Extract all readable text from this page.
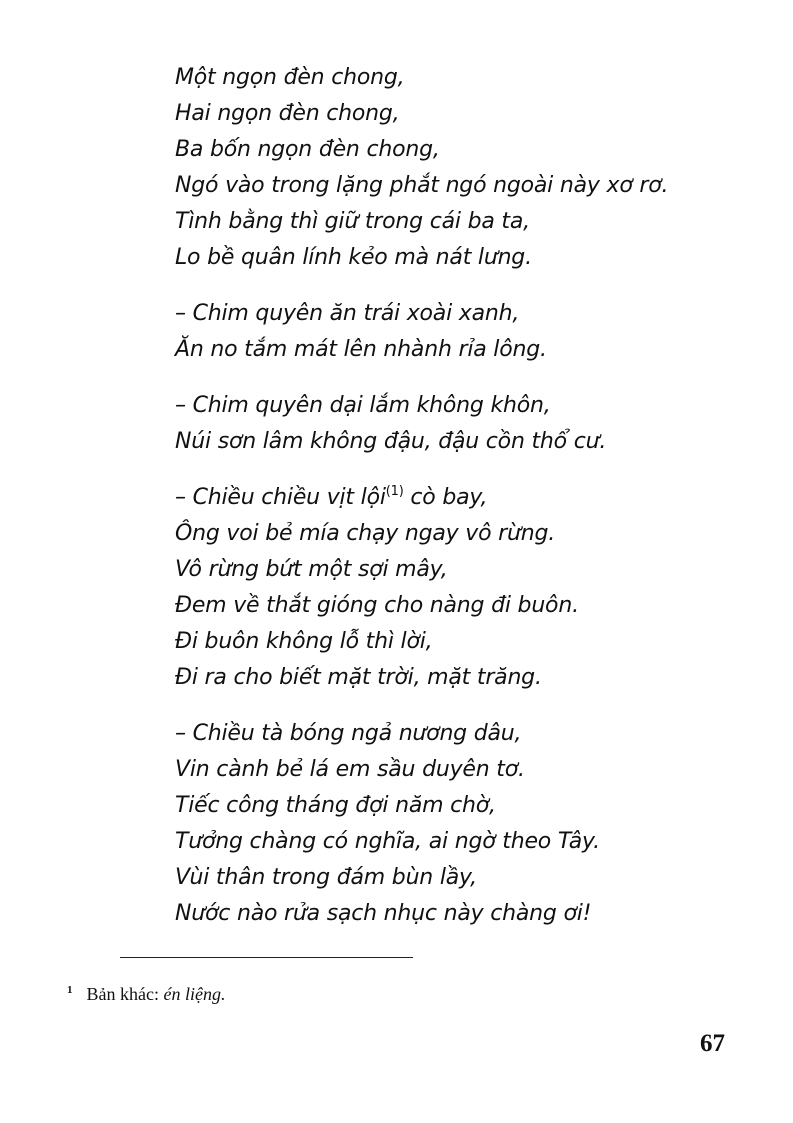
Một ngọn đèn chong,
Hai ngọn đèn chong,
Ba bốn ngọn đèn chong,
Ngó vào trong lặng phắt ngó ngoài này xơ rơ.
Tình bằng thì giữ trong cái ba ta,
Lo bề quân lính kẻo mà nát lưng.
– Chim quyên ăn trái xoài xanh,
Ăn no tắm mát lên nhành rỉa lông.
– Chim quyên dại lắm không khôn,
Núi sơn lâm không đậu, đậu cồn thổ cư.
– Chiều chiều vịt lội$^{(1)}$ cò bay,
Ông voi bẻ mía chạy ngay vô rừng.
Vô rừng bứt một sợi mây,
Đem về thắt gióng cho nàng đi buôn.
Đi buôn không lỗ thì lời,
Đi ra cho biết mặt trời, mặt trăng.
– Chiều tà bóng ngả nương dâu,
Vin cành bẻ lá em sầu duyên tơ.
Tiếc công tháng đợi năm chờ,
Tưởng chàng có nghĩa, ai ngờ theo Tây.
Vùi thân trong đám bùn lầy,
Nước nào rửa sạch nhục này chàng ơi!
$^1$ Bản khác: én liệng.
67
